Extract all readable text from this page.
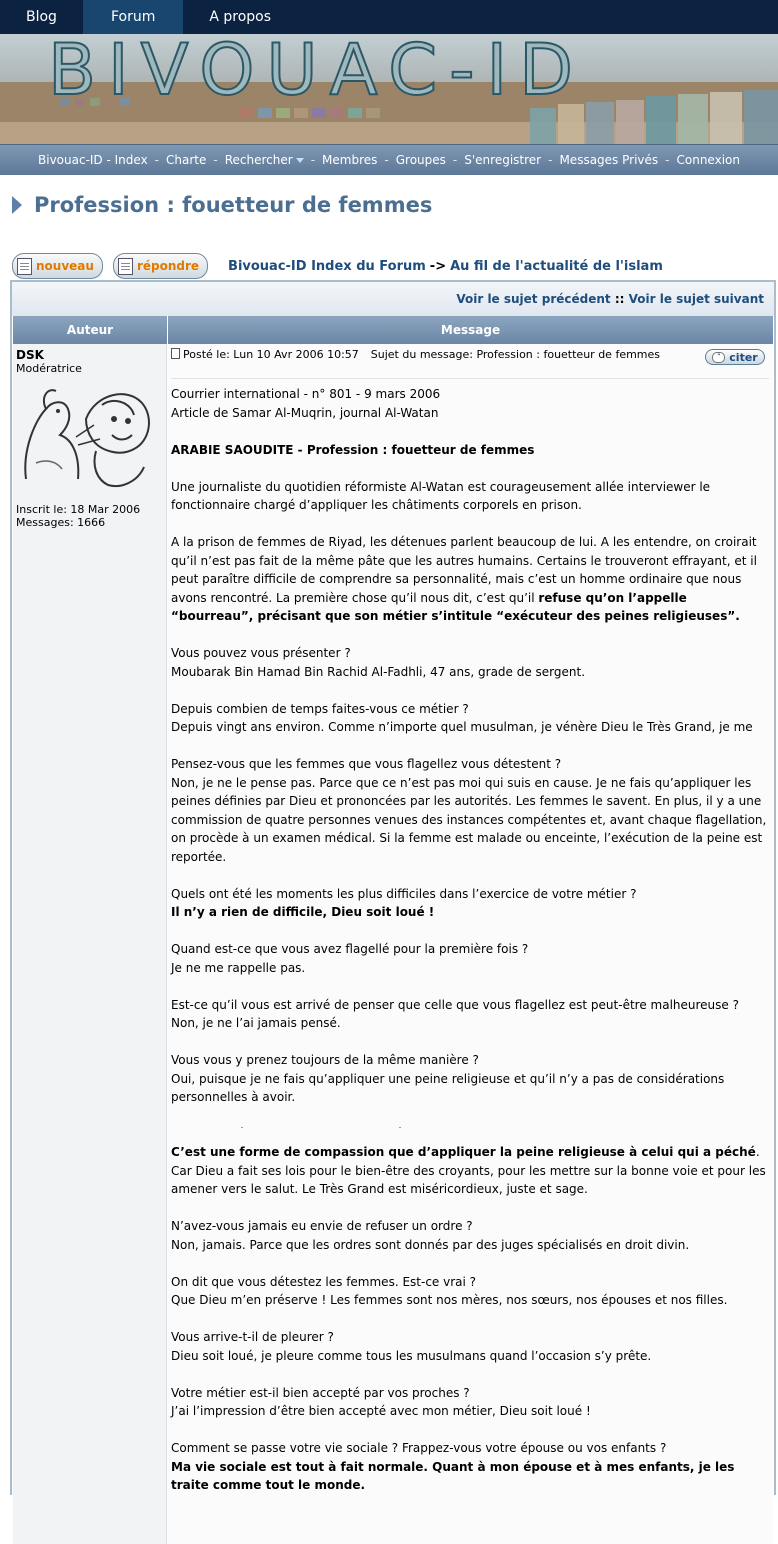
Blog	Forum	A propos
BIVOUAC-ID
Bivouac-ID - Index - Charte - Rechercher - Membres - Groupes - S'enregistrer - Messages Privés - Connexion
Profession : fouetteur de femmes
nouveau	répondre Bivouac-ID Index du Forum -> Au fil de l'actualité de l'islam
Voir le sujet précédent :: Voir le sujet suivant
Auteur	Message
DSK
Modératrice
Inscrit le: 18 Mar 2006
Messages: 1666
Posté le: Lun 10 Avr 2006 10:57 Sujet du message: Profession : fouetteur de femmes	" citer

Courrier international - n° 801 - 9 mars 2006
Article de Samar Al-Muqrin, journal Al-Watan

ARABIE SAOUDITE - Profession : fouetteur de femmes

Une journaliste du quotidien réformiste Al-Watan est courageusement allée interviewer le fonctionnaire chargé d’appliquer les châtiments corporels en prison.

A la prison de femmes de Riyad, les détenues parlent beaucoup de lui. A les entendre, on croirait qu’il n’est pas fait de la même pâte que les autres humains. Certains le trouveront effrayant, et il peut paraître difficile de comprendre sa personnalité, mais c’est un homme ordinaire que nous avons rencontré. La première chose qu’il nous dit, c’est qu’il refuse qu’on l’appelle “bourreau”, précisant que son métier s’intitule “exécuteur des peines religieuses”.

Vous pouvez vous présenter ?
Moubarak Bin Hamad Bin Rachid Al-Fadhli, 47 ans, grade de sergent.

Depuis combien de temps faites-vous ce métier ?
Depuis vingt ans environ. Comme n’importe quel musulman, je vénère Dieu le Très Grand, je me

Pensez-vous que les femmes que vous flagellez vous détestent ?
Non, je ne le pense pas. Parce que ce n’est pas moi qui suis en cause. Je ne fais qu’appliquer les peines définies par Dieu et prononcées par les autorités. Les femmes le savent. En plus, il y a une commission de quatre personnes venues des instances compétentes et, avant chaque flagellation, on procède à un examen médical. Si la femme est malade ou enceinte, l’exécution de la peine est reportée.

Quels ont été les moments les plus difficiles dans l’exercice de votre métier ?
Il n’y a rien de difficile, Dieu soit loué !

Quand est-ce que vous avez flagellé pour la première fois ?
Je ne me rappelle pas.

Est-ce qu’il vous est arrivé de penser que celle que vous flagellez est peut-être malheureuse ?
Non, je ne l’ai jamais pensé.

Vous vous y prenez toujours de la même manière ?
Oui, puisque je ne fais qu’appliquer une peine religieuse et qu’il n’y a pas de considérations personnelles à avoir.

C’est une forme de compassion que d’appliquer la peine religieuse à celui qui a péché. Car Dieu a fait ses lois pour le bien-être des croyants, pour les mettre sur la bonne voie et pour les amener vers le salut. Le Très Grand est miséricordieux, juste et sage.

N’avez-vous jamais eu envie de refuser un ordre ?
Non, jamais. Parce que les ordres sont donnés par des juges spécialisés en droit divin.

On dit que vous détestez les femmes. Est-ce vrai ?
Que Dieu m’en préserve ! Les femmes sont nos mères, nos sœurs, nos épouses et nos filles.

Vous arrive-t-il de pleurer ?
Dieu soit loué, je pleure comme tous les musulmans quand l’occasion s’y prête.

Votre métier est-il bien accepté par vos proches ?
J’ai l’impression d’être bien accepté avec mon métier, Dieu soit loué !

Comment se passe votre vie sociale ? Frappez-vous votre épouse ou vos enfants ?
Ma vie sociale est tout à fait normale. Quant à mon épouse et à mes enfants, je les traite comme tout le monde.
